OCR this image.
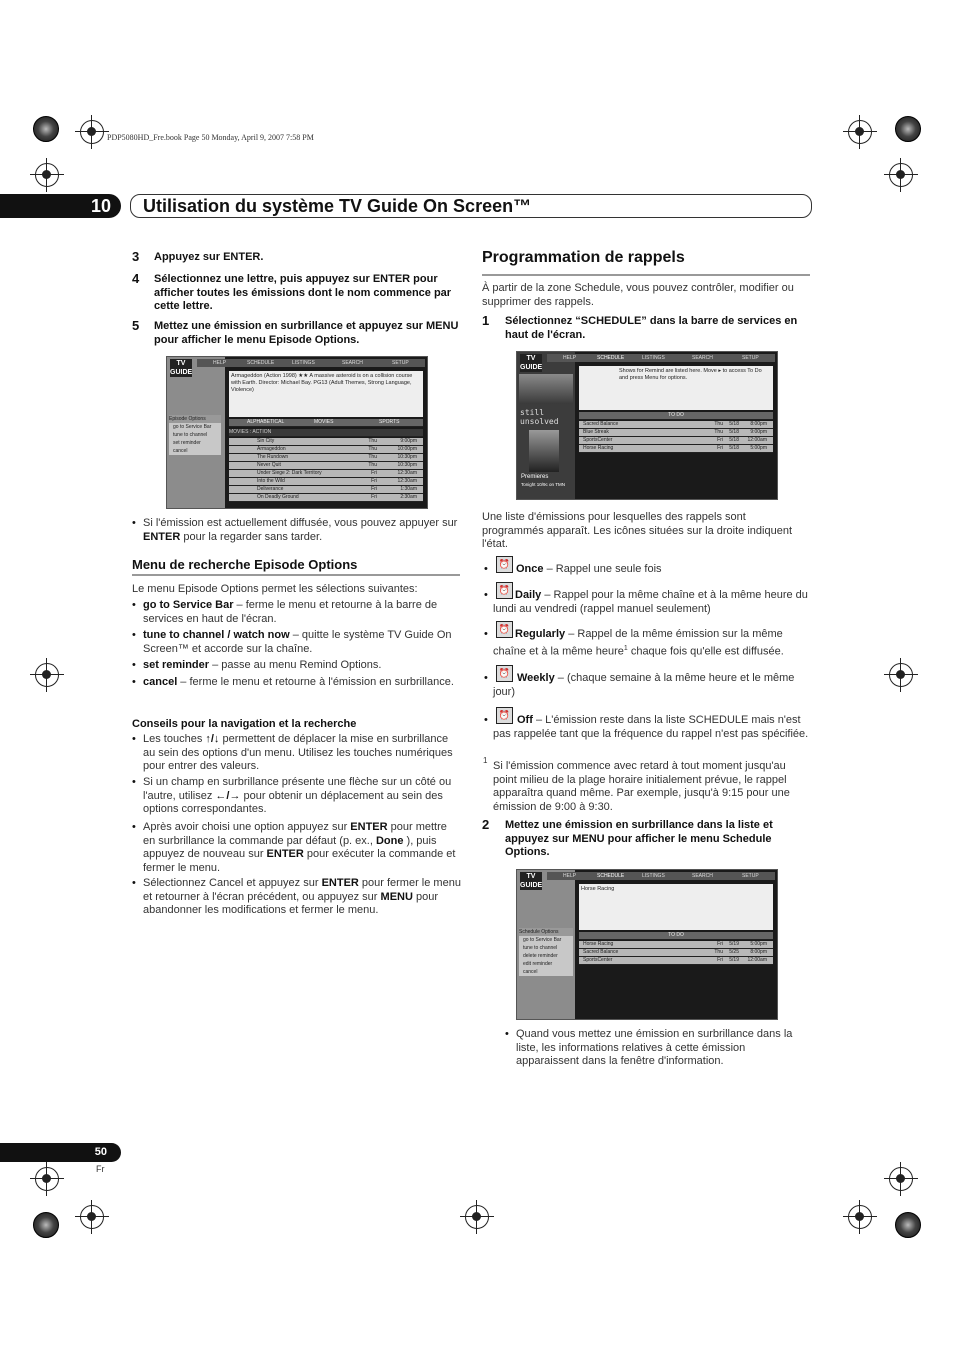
PDP5080HD_Fre.book Page 50 Monday, April 9, 2007 7:58 PM
10	Utilisation du système TV Guide On Screen™
3 Appuyez sur ENTER.
4 Sélectionnez une lettre, puis appuyez sur ENTER pour afficher toutes les émissions dont le nom commence par cette lettre.
5 Mettez une émission en surbrillance et appuyez sur MENU pour afficher le menu Episode Options.
TV
GUIDE
HELP	SCHEDULE	LISTINGS	SEARCH	SETUP
Armageddon (Action 1998) ★★ A massive asteroid is on a collision course with Earth. Director: Michael Bay. PG13 (Adult Themes, Strong Language, Violence)
ALPHABETICAL	MOVIES	SPORTS
MOVIES : ACTION
Sin City	Thu	9:00pm
Armageddon	Thu	10:00pm
The Rundown	Thu	10:30pm
Never Quit	Thu	10:30pm
Under Siege 2: Dark Territory	Fri	12:30am
Into the Wild	Fri	12:30am
Deliverance	Fri	1:30am
On Deadly Ground	Fri	2:30am
Episode Options
go to Service Bar
tune to channel
set reminder
cancel
• Si l'émission est actuellement diffusée, vous pouvez appuyer sur ENTER pour la regarder sans tarder.
Menu de recherche Episode Options
Le menu Episode Options permet les sélections suivantes:
• go to Service Bar – ferme le menu et retourne à la barre de services en haut de l'écran.
• tune to channel / watch now – quitte le système TV Guide On Screen™ et accorde sur la chaîne.
• set reminder – passe au menu Remind Options.
• cancel – ferme le menu et retourne à l'émission en surbrillance.
Conseils pour la navigation et la recherche
• Les touches ↑/↓ permettent de déplacer la mise en surbrillance au sein des options d'un menu. Utilisez les touches numériques pour entrer des valeurs.
• Si un champ en surbrillance présente une flèche sur un côté ou l'autre, utilisez ←/→ pour obtenir un déplacement au sein des options correspondantes.
• Après avoir choisi une option appuyez sur ENTER pour mettre en surbrillance la commande par défaut (p. ex., Done ), puis appuyez de nouveau sur ENTER pour exécuter la commande et fermer le menu.
• Sélectionnez Cancel et appuyez sur ENTER pour fermer le menu et retourner à l'écran précédent, ou appuyez sur MENU pour abandonner les modifications et fermer le menu.
Programmation de rappels
À partir de la zone Schedule, vous pouvez contrôler, modifier ou supprimer des rappels.
1 Sélectionnez “SCHEDULE” dans la barre de services en haut de l'écran.
TV
GUIDE
still unsolved
Premieres
Tonight 10/9c on TMN
HELP	SCHEDULE	LISTINGS	SEARCH	SETUP
Shows for Remind are listed here. Move ▸ to access To Do and press Menu for options.
TO DO
Sacred Balance	Thu 5/18 8:00pm
Blue Streak	Thu 5/18 9:00pm
SportsCenter	Fri 5/18 12:00am
Horse Racing	Fri 5/18 5:00pm
Une liste d'émissions pour lesquelles des rappels sont programmés apparaît. Les icônes situées sur la droite indiquent l'état.
•	⏰ Once – Rappel une seule fois
•	⏰ Daily – Rappel pour la même chaîne et à la même heure du lundi au vendredi (rappel manuel seulement)
•	⏰ Regularly – Rappel de la même émission sur la même chaîne et à la même heure$^1$ chaque fois qu'elle est diffusée.
•	⏰ Weekly – (chaque semaine à la même heure et le même jour)
•	⏰ Off – L'émission reste dans la liste SCHEDULE mais n'est pas rappelée tant que la fréquence du rappel n'est pas spécifiée.
1 Si l'émission commence avec retard à tout moment jusqu'au point milieu de la plage horaire initialement prévue, le rappel apparaîtra quand même. Par exemple, jusqu'à 9:15 pour une émission de 9:00 à 9:30.
2 Mettez une émission en surbrillance dans la liste et appuyez sur MENU pour afficher le menu Schedule Options.
TV
GUIDE
HELP	SCHEDULE	LISTINGS	SEARCH	SETUP
Horse Racing
TO DO
Horse Racing	Fri 5/19 5:00pm
Sacred Balance	Thu 5/25 8:00pm
SportsCenter	Fri 5/19 12:00am
Schedule Options
go to Service Bar
tune to channel
delete reminder
edit reminder
cancel
• Quand vous mettez une émission en surbrillance dans la liste, les informations relatives à cette émission apparaissent dans la fenêtre d'information.
50
Fr
